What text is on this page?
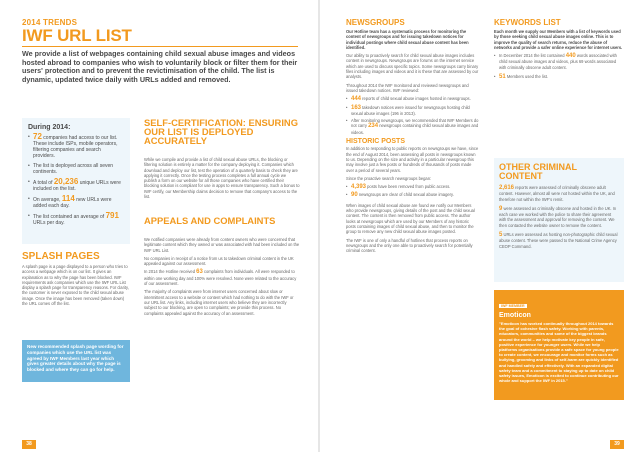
2014 TRENDS
IWF URL LIST
We provide a list of webpages containing child sexual abuse images and videos hosted abroad to companies who wish to voluntarily block or filter them for their users' protection and to prevent the revictimisation of the child. The list is dynamic, updated twice daily with URLs added and removed.
During 2014:
• 72 companies had access to our list. These include ISPs, mobile operators, filtering companies and search providers.
• The list is deployed across all seven continents.
• A total of 20,236 unique URLs were included on the list.
• On average, 114 new URLs were added each day.
• The list contained an average of 791 URLs per day.
SPLASH PAGES
A splash page is a page displayed to a person who tries to access a webpage which is on our list. It gives an explanation as to why the page has been blocked. IWF requirements ask companies which use the IWF URL List display a splash page for transparency reasons. For clarity, the customer is never exposed to the child sexual abuse image. Once the image has been removed (taken down) the URL comes off the list.
New recommended splash page wording for companies which use the URL list was agreed by IWF Members last year which gives greater details about why the page is blocked and where they can go for help.
SELF-CERTIFICATION: ENSURING OUR LIST IS DEPLOYED ACCURATELY
While we compile and provide a list of child sexual abuse URLs, the blocking or filtering solution is entirely a matter for the company deploying it. Companies which download and deploy our list, test the operation of a quarterly basis to check they are applying it correctly. Once the testing process completes a full annual cycle we publish a form on our website for all those companies who have certified their blocking solution is compliant for use in apps to ensure transparency. Such a bonus to IWF certify, our Membership claims decision to remove that company's access to the list.
APPEALS AND COMPLAINTS

We notified companies were already from content owners who were concerned that legitimate content which they owned or was associated with had been included on the IWF URL List.

No companies in receipt of a notice from us to takedown criminal content in the UK appealed against our assessment.

In 2014 the Hotline received 63 complaints from individuals. All were responded to within one working day and 100% were resolved. None were related to the accuracy of our assessment.

The majority of complaints were from internet users concerned about slow or intermittent access to a website or content which had nothing to do with the IWF or our URL list. Any links, including internet users who believe they are incorrectly subject to our blocking, are open to complaints; we provide this process. No complaints appealed against the accuracy of an assessment.

38
NEWSGROUPS

Our Hotline team has a systematic process for monitoring the content of newsgroups and for issuing takedown notices for individual postings where child sexual abuse content has been identified.

Our ability to proactively search for child sexual abuse images includes content in newsgroups. Newsgroups are forums on the internet service which are used to discuss specific topics. Some newsgroups carry binary files including images and videos and it is these that are assessed by our analysts.

Throughout 2014 the IWF monitored and reviewed newsgroups and issued takedown notices. IWF reviewed:

• 444 reports of child sexual abuse images hosted in newsgroups.
• 163 takedown notices were issued for newsgroups hosting child sexual abuse images (196 in 2013).
• After monitoring newsgroups, we recommended that IWF Members do not carry 234 newsgroups containing child sexual abuse images and videos.
HISTORIC POSTS

In addition to responding to public reports on newsgroups we have, since the end of August 2014, been assessing all posts in newsgroups known to us. Depending on the size and activity in a particular newsgroup this may involve just a few posts or hundreds of thousands of posts made over a period of several years.

Since the proactive search newsgroups began:

• 4,393 posts have been removed from public access.
• 90 newsgroups are clear of child sexual abuse imagery.

When images of child sexual abuse are found we notify our Members who provide newsgroups, giving details of the post and the child sexual content. The content is then removed from public access. The author looks at newsgroups which are used by our Members of any historic posts containing images of child sexual abuse, and then to monitor the group to remove any new child sexual abuse images posted.

The IWF is one of only a handful of hotlines that process reports on newsgroups and the only one able to proactively search for potentially criminal content.

KEYWORDS LIST

Each month we supply our Members with a list of keywords used by those seeking child sexual abuse images online. This is to improve the quality of search returns, reduce the abuse of networks and provide a safer online experience for internet users.

• In December 2014 the list contained 440 words associated with child sexual abuse images and videos, plus 69 words associated with criminally obscene adult content.
• 51 Members used the list.
OTHER CRIMINAL CONTENT

2,616 reports were assessed of criminally obscene adult content. However, almost all were not hosted within the UK, and therefore not within the IWF's remit.

9 were assessed as criminally obscene and hosted in the UK. In each case we worked with the police to share their agreement with the assessment and approval for removing the content. We then contacted the website owner to remove the content.

5 URLs were assessed as hosting non-photographic child sexual abuse content. These were passed to the National Crime Agency CEOP Command.

IWF MEMBER
Emoticon

"Emoticon has worked continually throughout 2014 towards the goal of cohesive flash safety. Working with parents, educators, communities and some of the biggest brands around the world – we help motivate key people in safe, positive experience for younger users. While we help platforms organisations provide a safe space for young people to create content, we encourage and monitor forms such as bullying, grooming and links of self-harm are quickly identified and handled safely and effectively. With an expanded digital safety team and a commitment to staying up to date on child safety issues, Emoticon is excited to continue contributing our whole and support the IWF in 2015."

39
